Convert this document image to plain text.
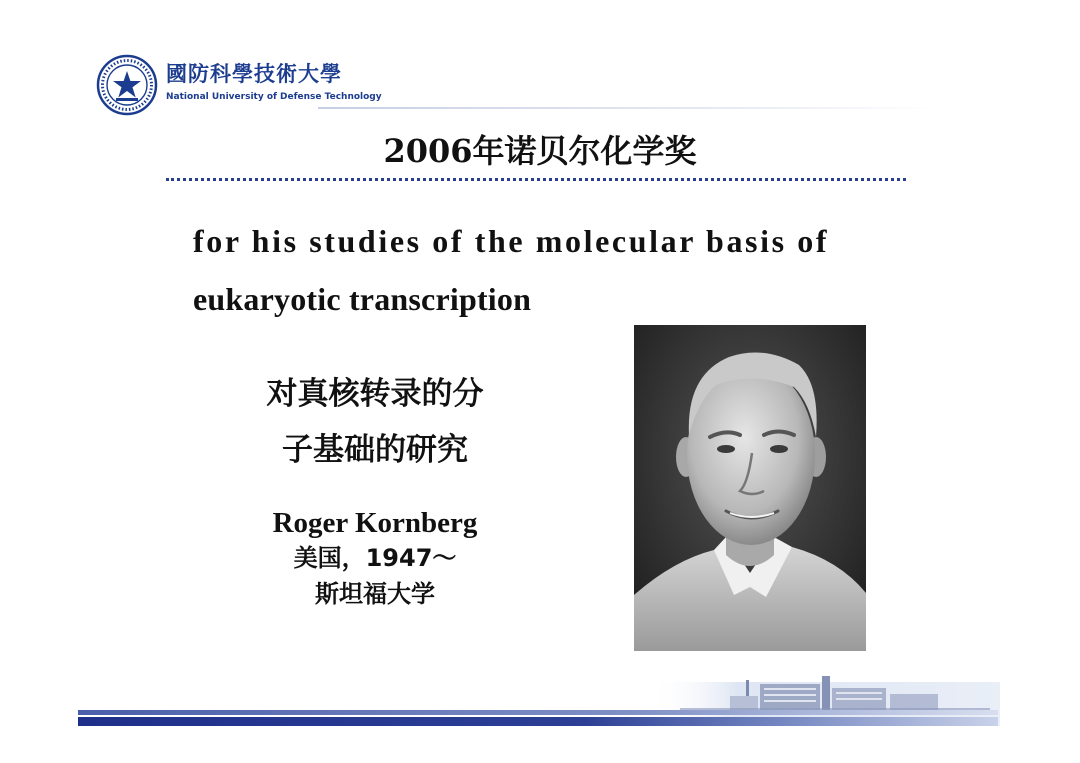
國防科學技術大學
National University of Defense Technology
2006年诺贝尔化学奖
for his studies of the molecular basis of
eukaryotic transcription
对真核转录的分
子基础的研究
Roger Kornberg
美国，1947～
斯坦福大学
